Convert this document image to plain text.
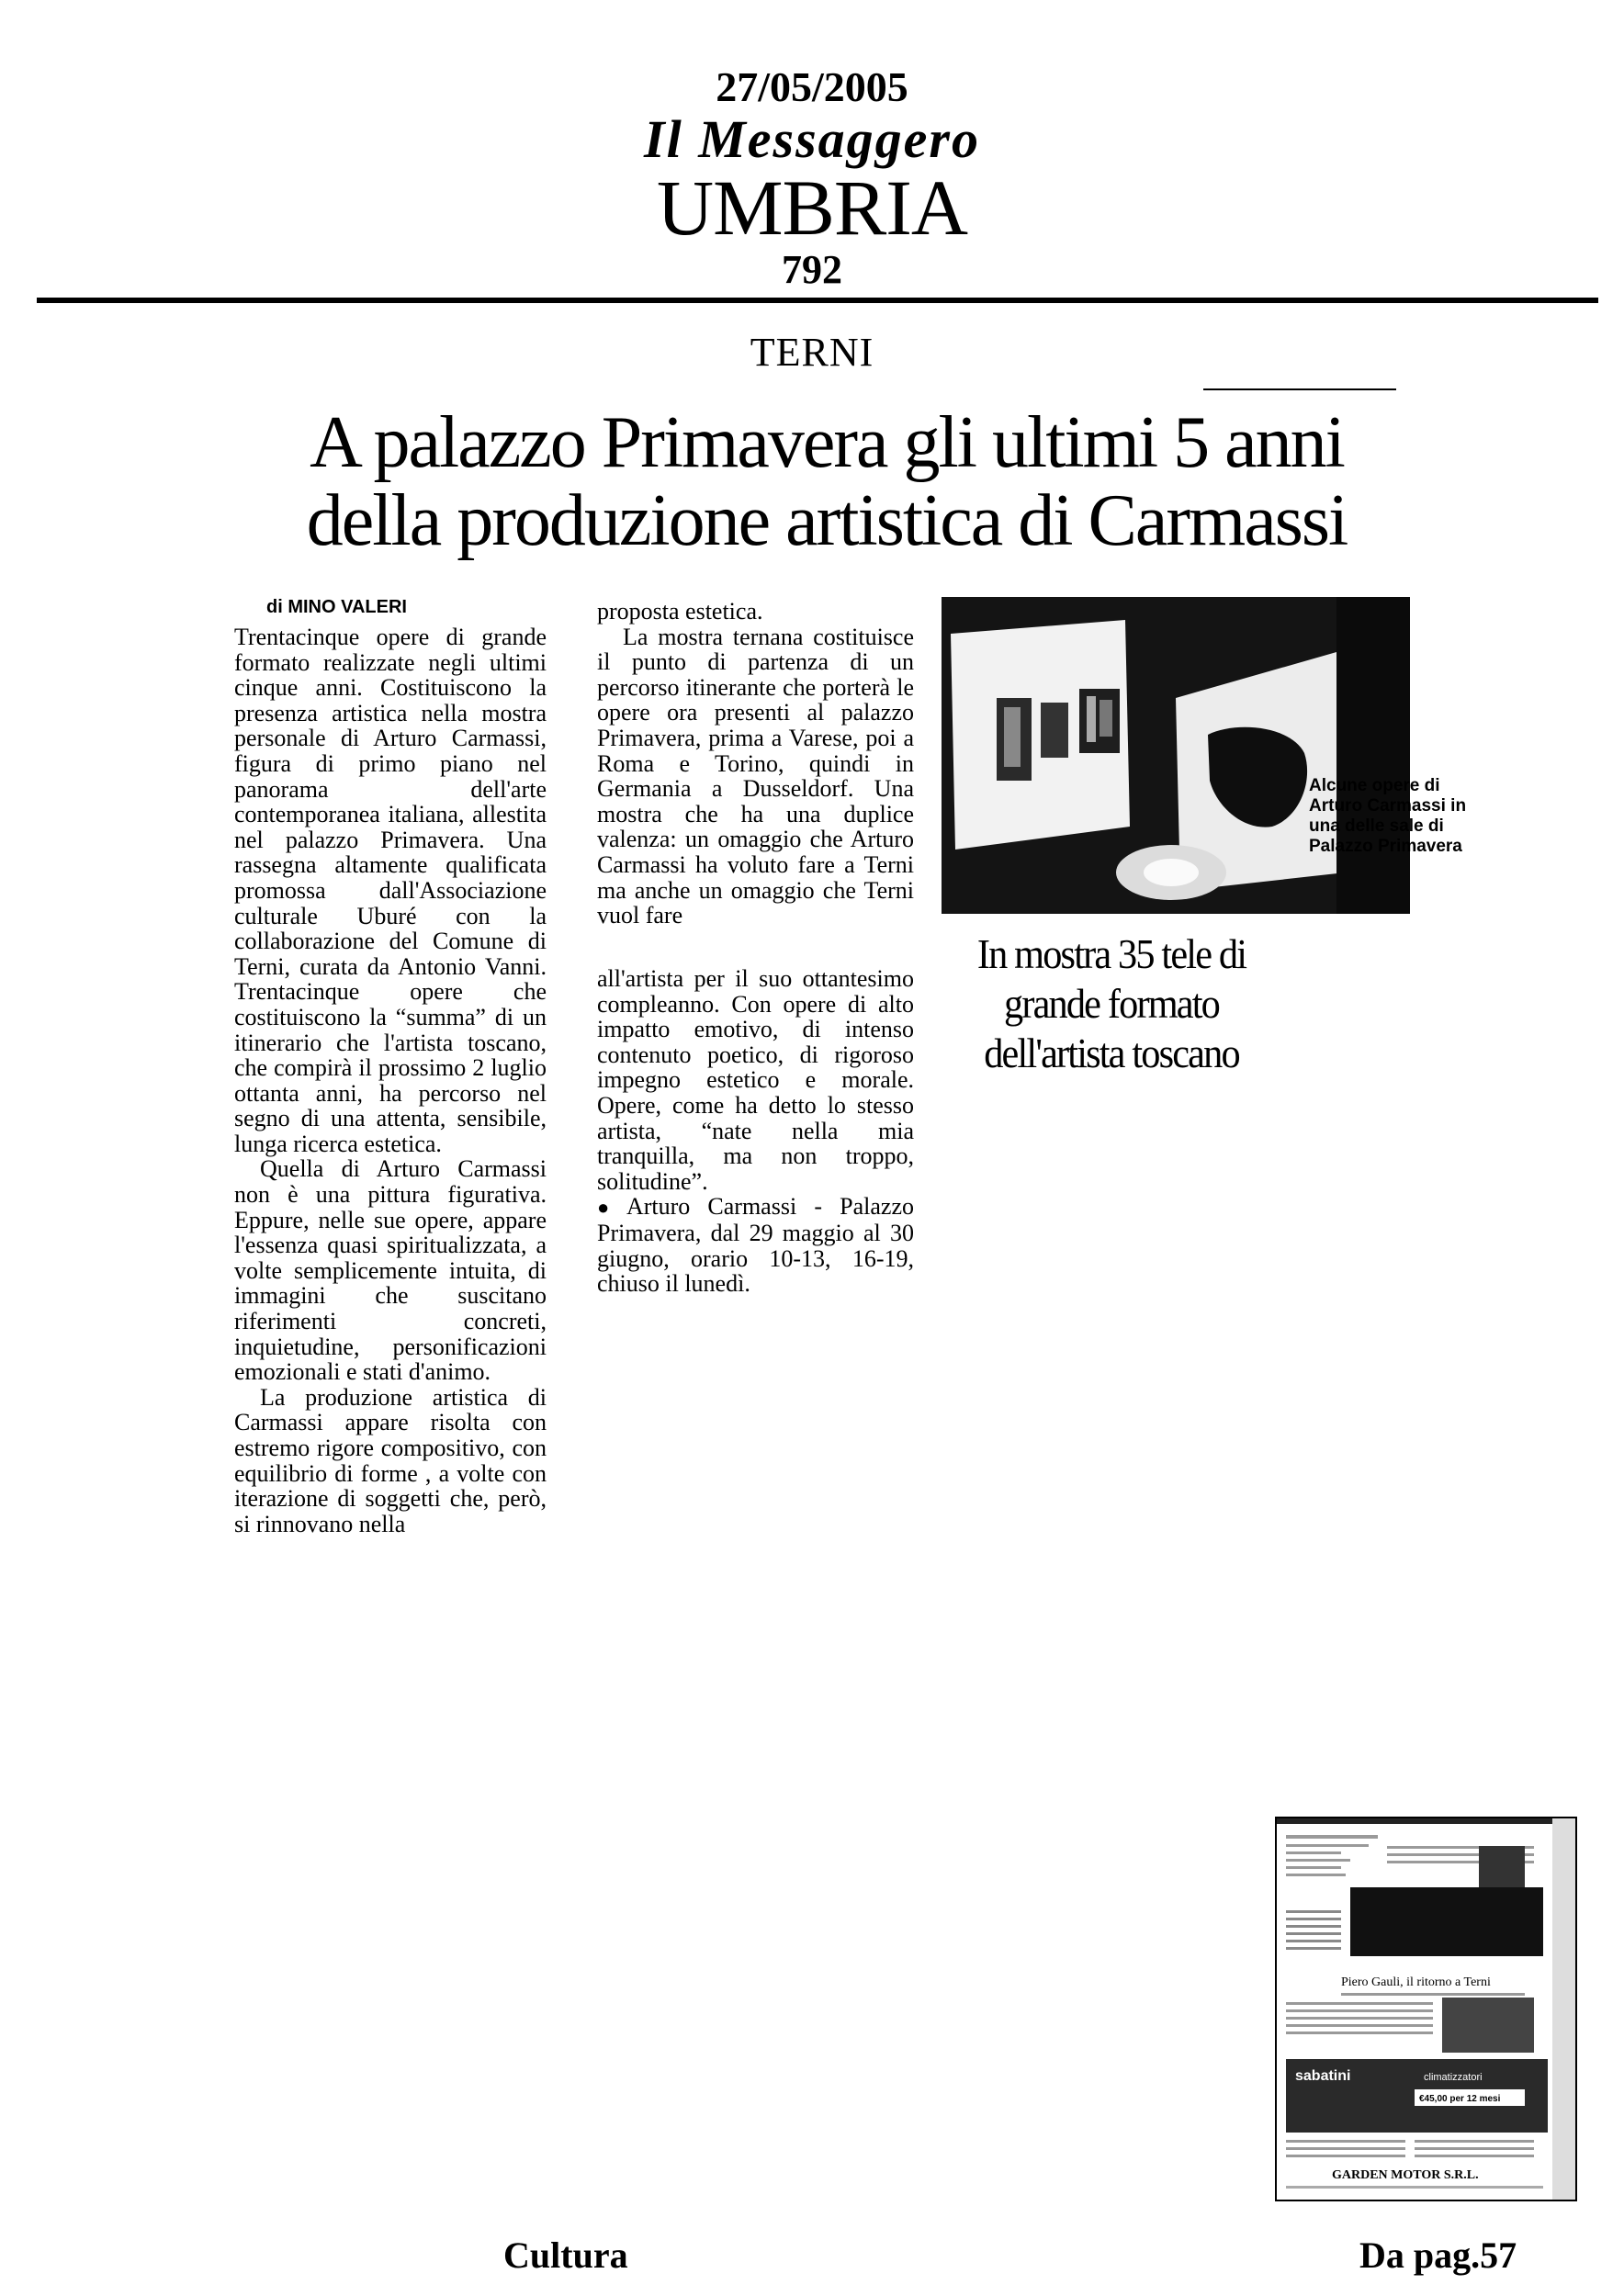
27/05/2005
Il Messaggero
UMBRIA
792
TERNI
A palazzo Primavera gli ultimi 5 anni
della produzione artistica di Carmassi
di MINO VALERI

Trentacinque opere di grande formato realizzate negli ultimi cinque anni. Costituiscono la presenza artistica nella mostra personale di Arturo Carmassi, figura di primo piano nel panorama dell'arte contemporanea italiana, allestita nel palazzo Primavera. Una rassegna altamente qualificata promossa dall'Associazione culturale Uburé con la collaborazione del Comune di Terni, curata da Antonio Vanni. Trentacinque opere che costituiscono la “summa” di un itinerario che l'artista toscano, che compirà il prossimo 2 luglio ottanta anni, ha percorso nel segno di una attenta, sensibile, lunga ricerca estetica.

Quella di Arturo Carmassi non è una pittura figurativa. Eppure, nelle sue opere, appare l'essenza quasi spiritualizzata, a volte semplicemente intuita, di immagini che suscitano riferimenti concreti, inquietudine, personificazioni emozionali e stati d'animo.

La produzione artistica di Carmassi appare risolta con estremo rigore compositivo, con equilibrio di forme , a volte con iterazione di soggetti che, però, si rinnovano nella

proposta estetica.

La mostra ternana costituisce il punto di partenza di un percorso itinerante che porterà le opere ora presenti al palazzo Primavera, prima a Varese, poi a Roma e Torino, quindi in Germania a Dusseldorf. Una mostra che ha una duplice valenza: un omaggio che Arturo Carmassi ha voluto fare a Terni ma anche un omaggio che Terni vuol fare

all'artista per il suo ottantesimo compleanno. Con opere di alto impatto emotivo, di intenso contenuto poetico, di rigoroso impegno estetico e morale. Opere, come ha detto lo stesso artista, “nate nella mia tranquilla, ma non troppo, solitudine”.

● Arturo Carmassi - Palazzo Primavera, dal 29 maggio al 30 giugno, orario 10-13, 16-19, chiuso il lunedì.

Alcune opere di Arturo Carmassi in una delle sale di Palazzo Primavera
In mostra 35 tele di grande formato dell'artista toscano
Piero Gauli, il ritorno a Terni
sabatini	climatizzatori
€45,00 per 12 mesi
GARDEN MOTOR S.R.L.
Cultura	Da pag.57
